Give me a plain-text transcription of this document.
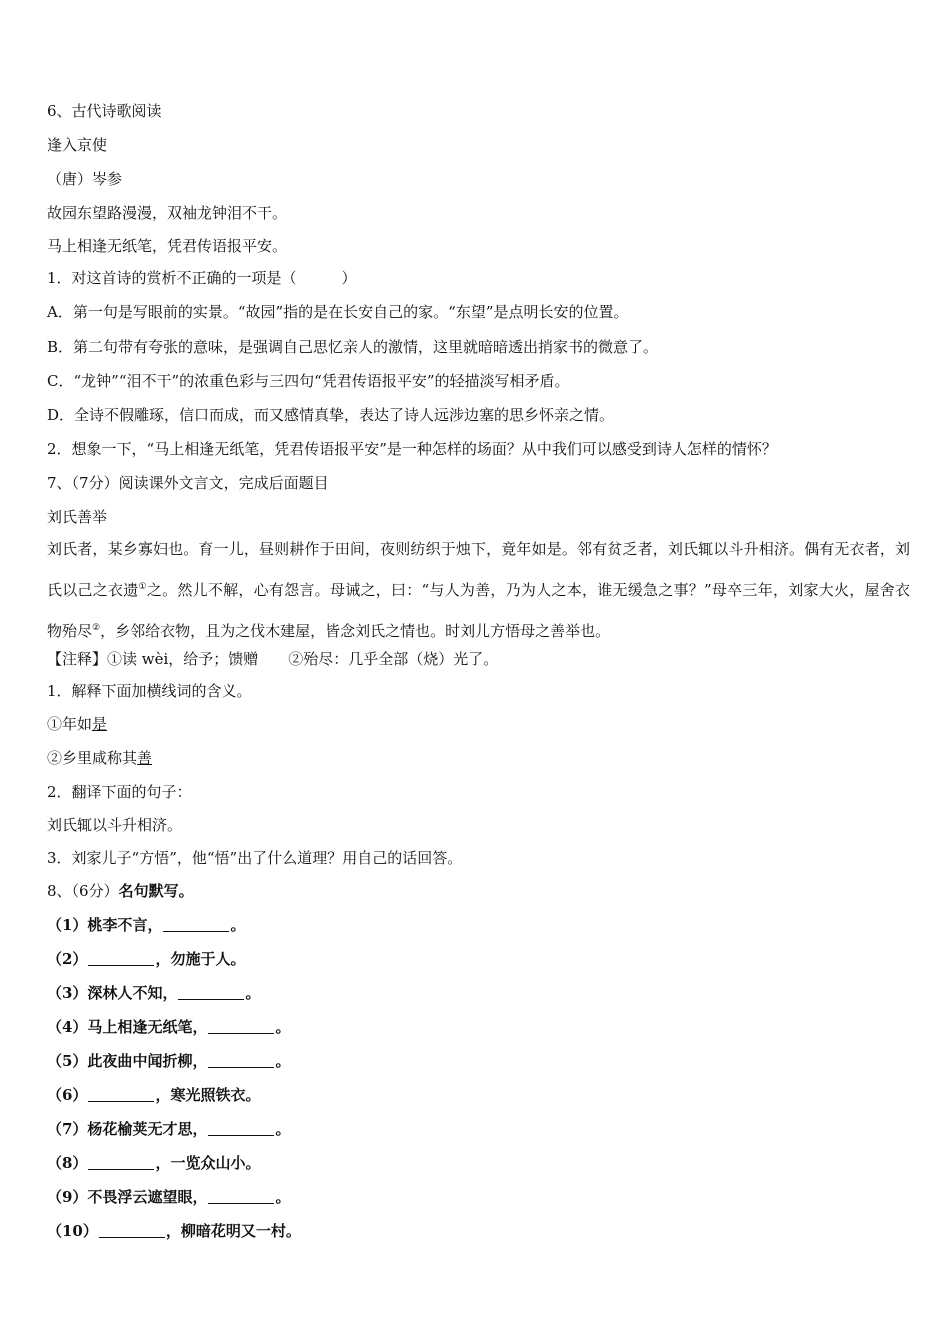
6、古代诗歌阅读
逢入京使
（唐）岑参
故园东望路漫漫，双袖龙钟泪不干。
马上相逢无纸笔，凭君传语报平安。
1．对这首诗的赏析不正确的一项是（　　　）
A．第一句是写眼前的实景。“故园”指的是在长安自己的家。“东望”是点明长安的位置。
B．第二句带有夸张的意味，是强调自己思忆亲人的激情，这里就暗暗透出捎家书的微意了。
C．“龙钟”“泪不干”的浓重色彩与三四句“凭君传语报平安”的轻描淡写相矛盾。
D．全诗不假雕琢，信口而成，而又感情真挚，表达了诗人远涉边塞的思乡怀亲之情。
2．想象一下，“马上相逢无纸笔，凭君传语报平安”是一种怎样的场面？从中我们可以感受到诗人怎样的情怀？
7、（7分）阅读课外文言文，完成后面题目
刘氏善举
刘氏者，某乡寡妇也。育一儿，昼则耕作于田间，夜则纺织于烛下，竟年如是。邻有贫乏者，刘氏辄以斗升相济。偶有无衣者，刘氏以己之衣遗①之。然儿不解，心有怨言。母诫之，曰：“与人为善，乃为人之本，谁无缓急之事？”母卒三年，刘家大火，屋舍衣物殆尽②，乡邻给衣物，且为之伐木建屋，皆念刘氏之情也。时刘儿方悟母之善举也。
【注释】①读 wèi，给予；馈赠　　②殆尽：几乎全部（烧）光了。
1．解释下面加横线词的含义。
①年如是
②乡里咸称其善
2．翻译下面的句子：
刘氏辄以斗升相济。
3．刘家儿子“方悟”，他“悟”出了什么道理？用自己的话回答。
8、（6分）名句默写。
（1）桃李不言，	。
（2）	，勿施于人。
（3）深林人不知，	。
（4）马上相逢无纸笔，	。
（5）此夜曲中闻折柳，	。
（6）	，寒光照铁衣。
（7）杨花榆荚无才思，	。
（8）	，一览众山小。
（9）不畏浮云遮望眼，	。
（10）	，柳暗花明又一村。
